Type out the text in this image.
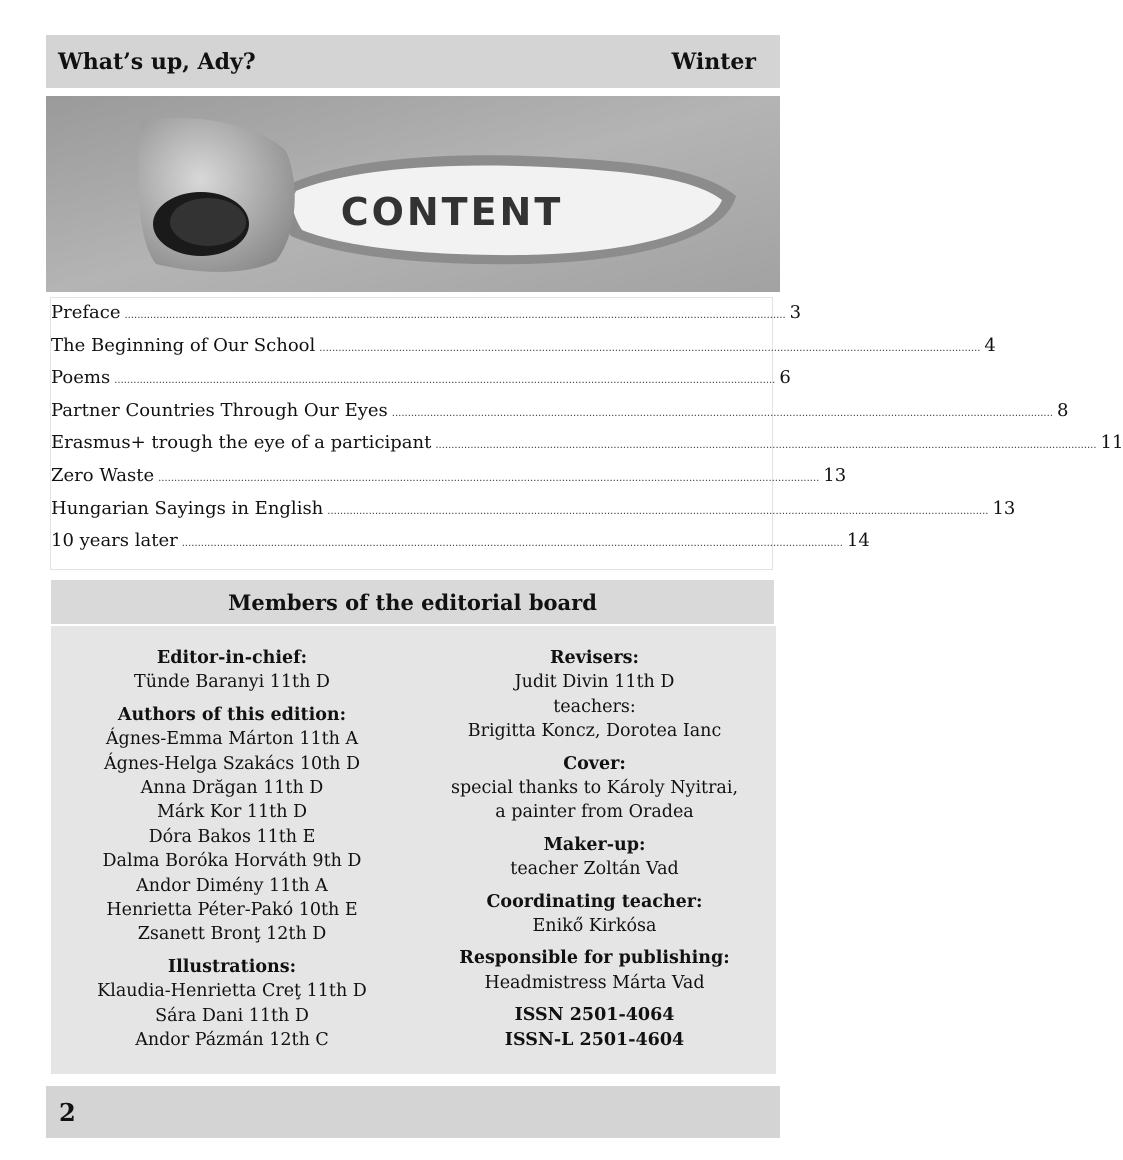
What’s up, Ady?	Winter
CONTENT
Preface ................................................................................................................................................................................................................ 3
The Beginning of Our School ................................................................................................................................................................................................................ 4
Poems ................................................................................................................................................................................................................ 6
Partner Countries Through Our Eyes ................................................................................................................................................................................................................ 8
Erasmus+ trough the eye of a participant ................................................................................................................................................................................................................ 11
Zero Waste ................................................................................................................................................................................................................ 13
Hungarian Sayings in English ................................................................................................................................................................................................................ 13
10 years later ................................................................................................................................................................................................................ 14
Members of the editorial board
Editor-in-chief:
Tünde Baranyi 11th D
Authors of this edition:
Ágnes-Emma Márton 11th A
Ágnes-Helga Szakács 10th D
Anna Drăgan 11th D
Márk Kor 11th D
Dóra Bakos 11th E
Dalma Boróka Horváth 9th D
Andor Dimény 11th A
Henrietta Péter-Pakó 10th E
Zsanett Bronţ 12th D
Illustrations:
Klaudia-Henrietta Creţ 11th D
Sára Dani 11th D
Andor Pázmán 12th C
Revisers:
Judit Divin 11th D
teachers:
Brigitta Koncz, Dorotea Ianc
Cover:
special thanks to Károly Nyitrai,
a painter from Oradea
Maker-up:
teacher Zoltán Vad
Coordinating teacher:
Enikő Kirkósa
Responsible for publishing:
Headmistress Márta Vad
ISSN 2501-4064
ISSN-L 2501-4604
2
